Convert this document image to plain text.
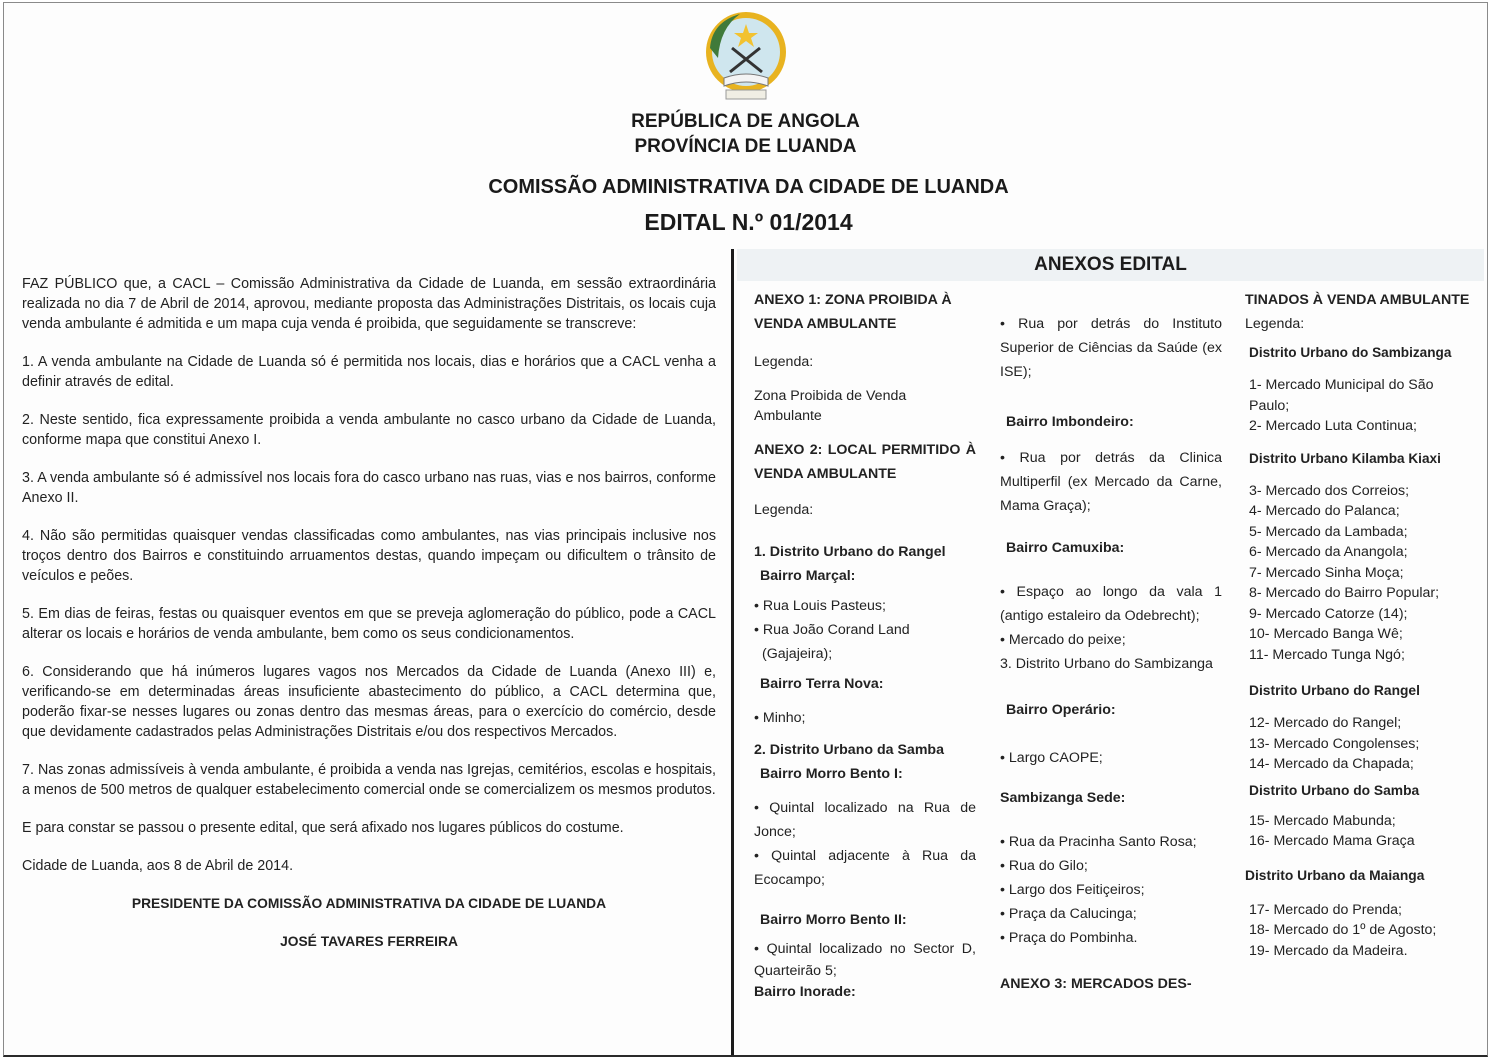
REPÚBLICA DE ANGOLA
PROVÍNCIA DE LUANDA
COMISSÃO ADMINISTRATIVA DA CIDADE DE LUANDA
EDITAL N.º 01/2014

FAZ PÚBLICO que, a CACL – Comissão Administrativa da Cidade de Luanda, em sessão extraordinária realizada no dia 7 de Abril de 2014, aprovou, mediante proposta das Administrações Distritais, os locais cuja venda ambulante é admitida e um mapa cuja venda é proibida, que seguidamente se transcreve:

1. A venda ambulante na Cidade de Luanda só é permitida nos locais, dias e horários que a CACL venha a definir através de edital.

2. Neste sentido, fica expressamente proibida a venda ambulante no casco urbano da Cidade de Luanda, conforme mapa que constitui Anexo I.

3. A venda ambulante só é admissível nos locais fora do casco urbano nas ruas, vias e nos bairros, conforme Anexo II.

4. Não são permitidas quaisquer vendas classificadas como ambulantes, nas vias principais inclusive nos troços dentro dos Bairros e constituindo arruamentos destas, quando impeçam ou dificultem o trânsito de veículos e peões.

5. Em dias de feiras, festas ou quaisquer eventos em que se preveja aglomeração do público, pode a CACL alterar os locais e horários de venda ambulante, bem como os seus condicionamentos.

6. Considerando que há inúmeros lugares vagos nos Mercados da Cidade de Luanda (Anexo III) e, verificando-se em determinadas áreas insuficiente abastecimento do público, a CACL determina que, poderão fixar-se nesses lugares ou zonas dentro das mesmas áreas, para o exercício do comércio, desde que devidamente cadastrados pelas Administrações Distritais e/ou dos respectivos Mercados.

7. Nas zonas admissíveis à venda ambulante, é proibida a venda nas Igrejas, cemitérios, escolas e hospitais, a menos de 500 metros de qualquer estabelecimento comercial onde se comercializem os mesmos produtos.

E para constar se passou o presente edital, que será afixado nos lugares públicos do costume.

Cidade de Luanda, aos 8 de Abril de 2014.

PRESIDENTE DA COMISSÃO ADMINISTRATIVA DA CIDADE DE LUANDA

JOSÉ TAVARES FERREIRA

ANEXOS EDITAL
ANEXO 1: ZONA PROIBIDA À VENDA AMBULANTE
Legenda:
Zona Proibida de Venda Ambulante
ANEXO 2: LOCAL PERMITIDO À VENDA AMBULANTE
Legenda:
1. Distrito Urbano do Rangel
Bairro Marçal:
• Rua Louis Pasteus;
• Rua João Corand Land (Gajajeira);
Bairro Terra Nova:
• Minho;
2. Distrito Urbano da Samba
Bairro Morro Bento I:
• Quintal localizado na Rua de Jonce;
• Quintal adjacente à Rua da Ecocampo;
Bairro Morro Bento II:
• Quintal localizado no Sector D, Quarteirão 5;
Bairro Inorade:
• Rua por detrás do Instituto Superior de Ciências da Saúde (ex ISE);
Bairro Imbondeiro:
• Rua por detrás da Clinica Multiperfil (ex Mercado da Carne, Mama Graça);
Bairro Camuxiba:
• Espaço ao longo da vala 1 (antigo estaleiro da Odebrecht);
• Mercado do peixe;
3. Distrito Urbano do Sambizanga
Bairro Operário:
• Largo CAOPE;
Sambizanga Sede:
• Rua da Pracinha Santo Rosa;
• Rua do Gilo;
• Largo dos Feitiçeiros;
• Praça da Calucinga;
• Praça do Pombinha.
ANEXO 3: MERCADOS DES-
TINADOS À VENDA AMBULANTE
Legenda:
Distrito Urbano do Sambizanga
1- Mercado Municipal do São Paulo;
2- Mercado Luta Continua;
Distrito Urbano Kilamba Kiaxi
3- Mercado dos Correios;
4- Mercado do Palanca;
5- Mercado da Lambada;
6- Mercado da Anangola;
7- Mercado Sinha Moça;
8- Mercado do Bairro Popular;
9- Mercado Catorze (14);
10- Mercado Banga Wê;
11- Mercado Tunga Ngó;
Distrito Urbano do Rangel
12- Mercado do Rangel;
13- Mercado Congolenses;
14- Mercado da Chapada;
Distrito Urbano do Samba
15- Mercado Mabunda;
16- Mercado Mama Graça
Distrito Urbano da Maianga
17- Mercado do Prenda;
18- Mercado do 1º de Agosto;
19- Mercado da Madeira.
